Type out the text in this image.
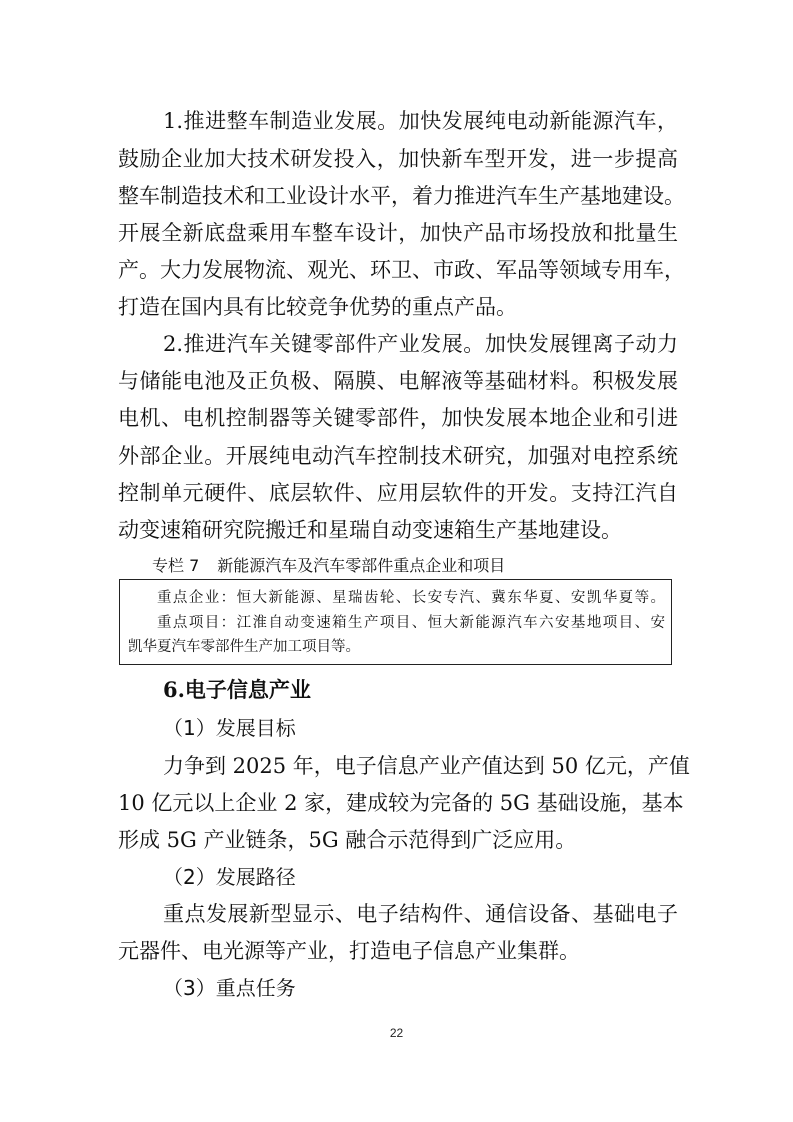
1.推进整车制造业发展。加快发展纯电动新能源汽车，
鼓励企业加大技术研发投入，加快新车型开发，进一步提高
整车制造技术和工业设计水平，着力推进汽车生产基地建设。
开展全新底盘乘用车整车设计，加快产品市场投放和批量生
产。大力发展物流、观光、环卫、市政、军品等领域专用车，
打造在国内具有比较竞争优势的重点产品。
2.推进汽车关键零部件产业发展。加快发展锂离子动力
与储能电池及正负极、隔膜、电解液等基础材料。积极发展
电机、电机控制器等关键零部件，加快发展本地企业和引进
外部企业。开展纯电动汽车控制技术研究，加强对电控系统
控制单元硬件、底层软件、应用层软件的开发。支持江汽自
动变速箱研究院搬迁和星瑞自动变速箱生产基地建设。
专栏 7 新能源汽车及汽车零部件重点企业和项目
重点企业：恒大新能源、星瑞齿轮、长安专汽、冀东华夏、安凯华夏等。
重点项目：江淮自动变速箱生产项目、恒大新能源汽车六安基地项目、安
凯华夏汽车零部件生产加工项目等。
6.电子信息产业
（1）发展目标
力争到 2025 年，电子信息产业产值达到 50 亿元，产值
10 亿元以上企业 2 家，建成较为完备的 5G 基础设施，基本
形成 5G 产业链条，5G 融合示范得到广泛应用。
（2）发展路径
重点发展新型显示、电子结构件、通信设备、基础电子
元器件、电光源等产业，打造电子信息产业集群。
（3）重点任务
22
